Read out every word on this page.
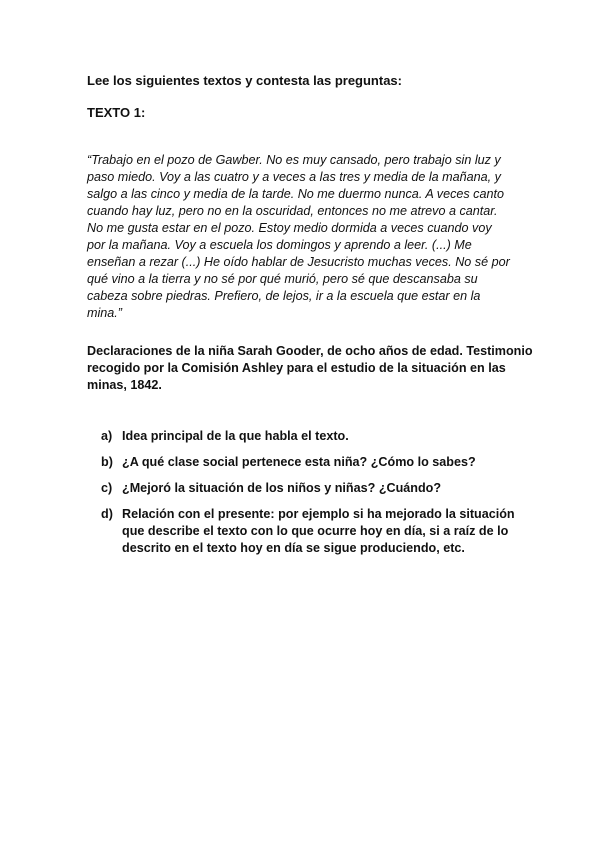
Lee los siguientes textos y contesta las preguntas:

TEXTO 1:

“Trabajo en el pozo de Gawber. No es muy cansado, pero trabajo sin luz y
paso miedo. Voy a las cuatro y a veces a las tres y media de la mañana, y
salgo a las cinco y media de la tarde. No me duermo nunca. A veces canto
cuando hay luz, pero no en la oscuridad, entonces no me atrevo a cantar.
No me gusta estar en el pozo. Estoy medio dormida a veces cuando voy
por la mañana. Voy a escuela los domingos y aprendo a leer. (...) Me
enseñan a rezar (...) He oído hablar de Jesucristo muchas veces. No sé por
qué vino a la tierra y no sé por qué murió, pero sé que descansaba su
cabeza sobre piedras. Prefiero, de lejos, ir a la escuela que estar en la
mina.”

Declaraciones de la niña Sarah Gooder, de ocho años de edad. Testimonio
recogido por la Comisión Ashley para el estudio de la situación en las
minas, 1842.

a) Idea principal de la que habla el texto.
b) ¿A qué clase social pertenece esta niña? ¿Cómo lo sabes?
c) ¿Mejoró la situación de los niños y niñas? ¿Cuándo?
d) Relación con el presente: por ejemplo si ha mejorado la situación
que describe el texto con lo que ocurre hoy en día, si a raíz de lo
descrito en el texto hoy en día se sigue produciendo, etc.
